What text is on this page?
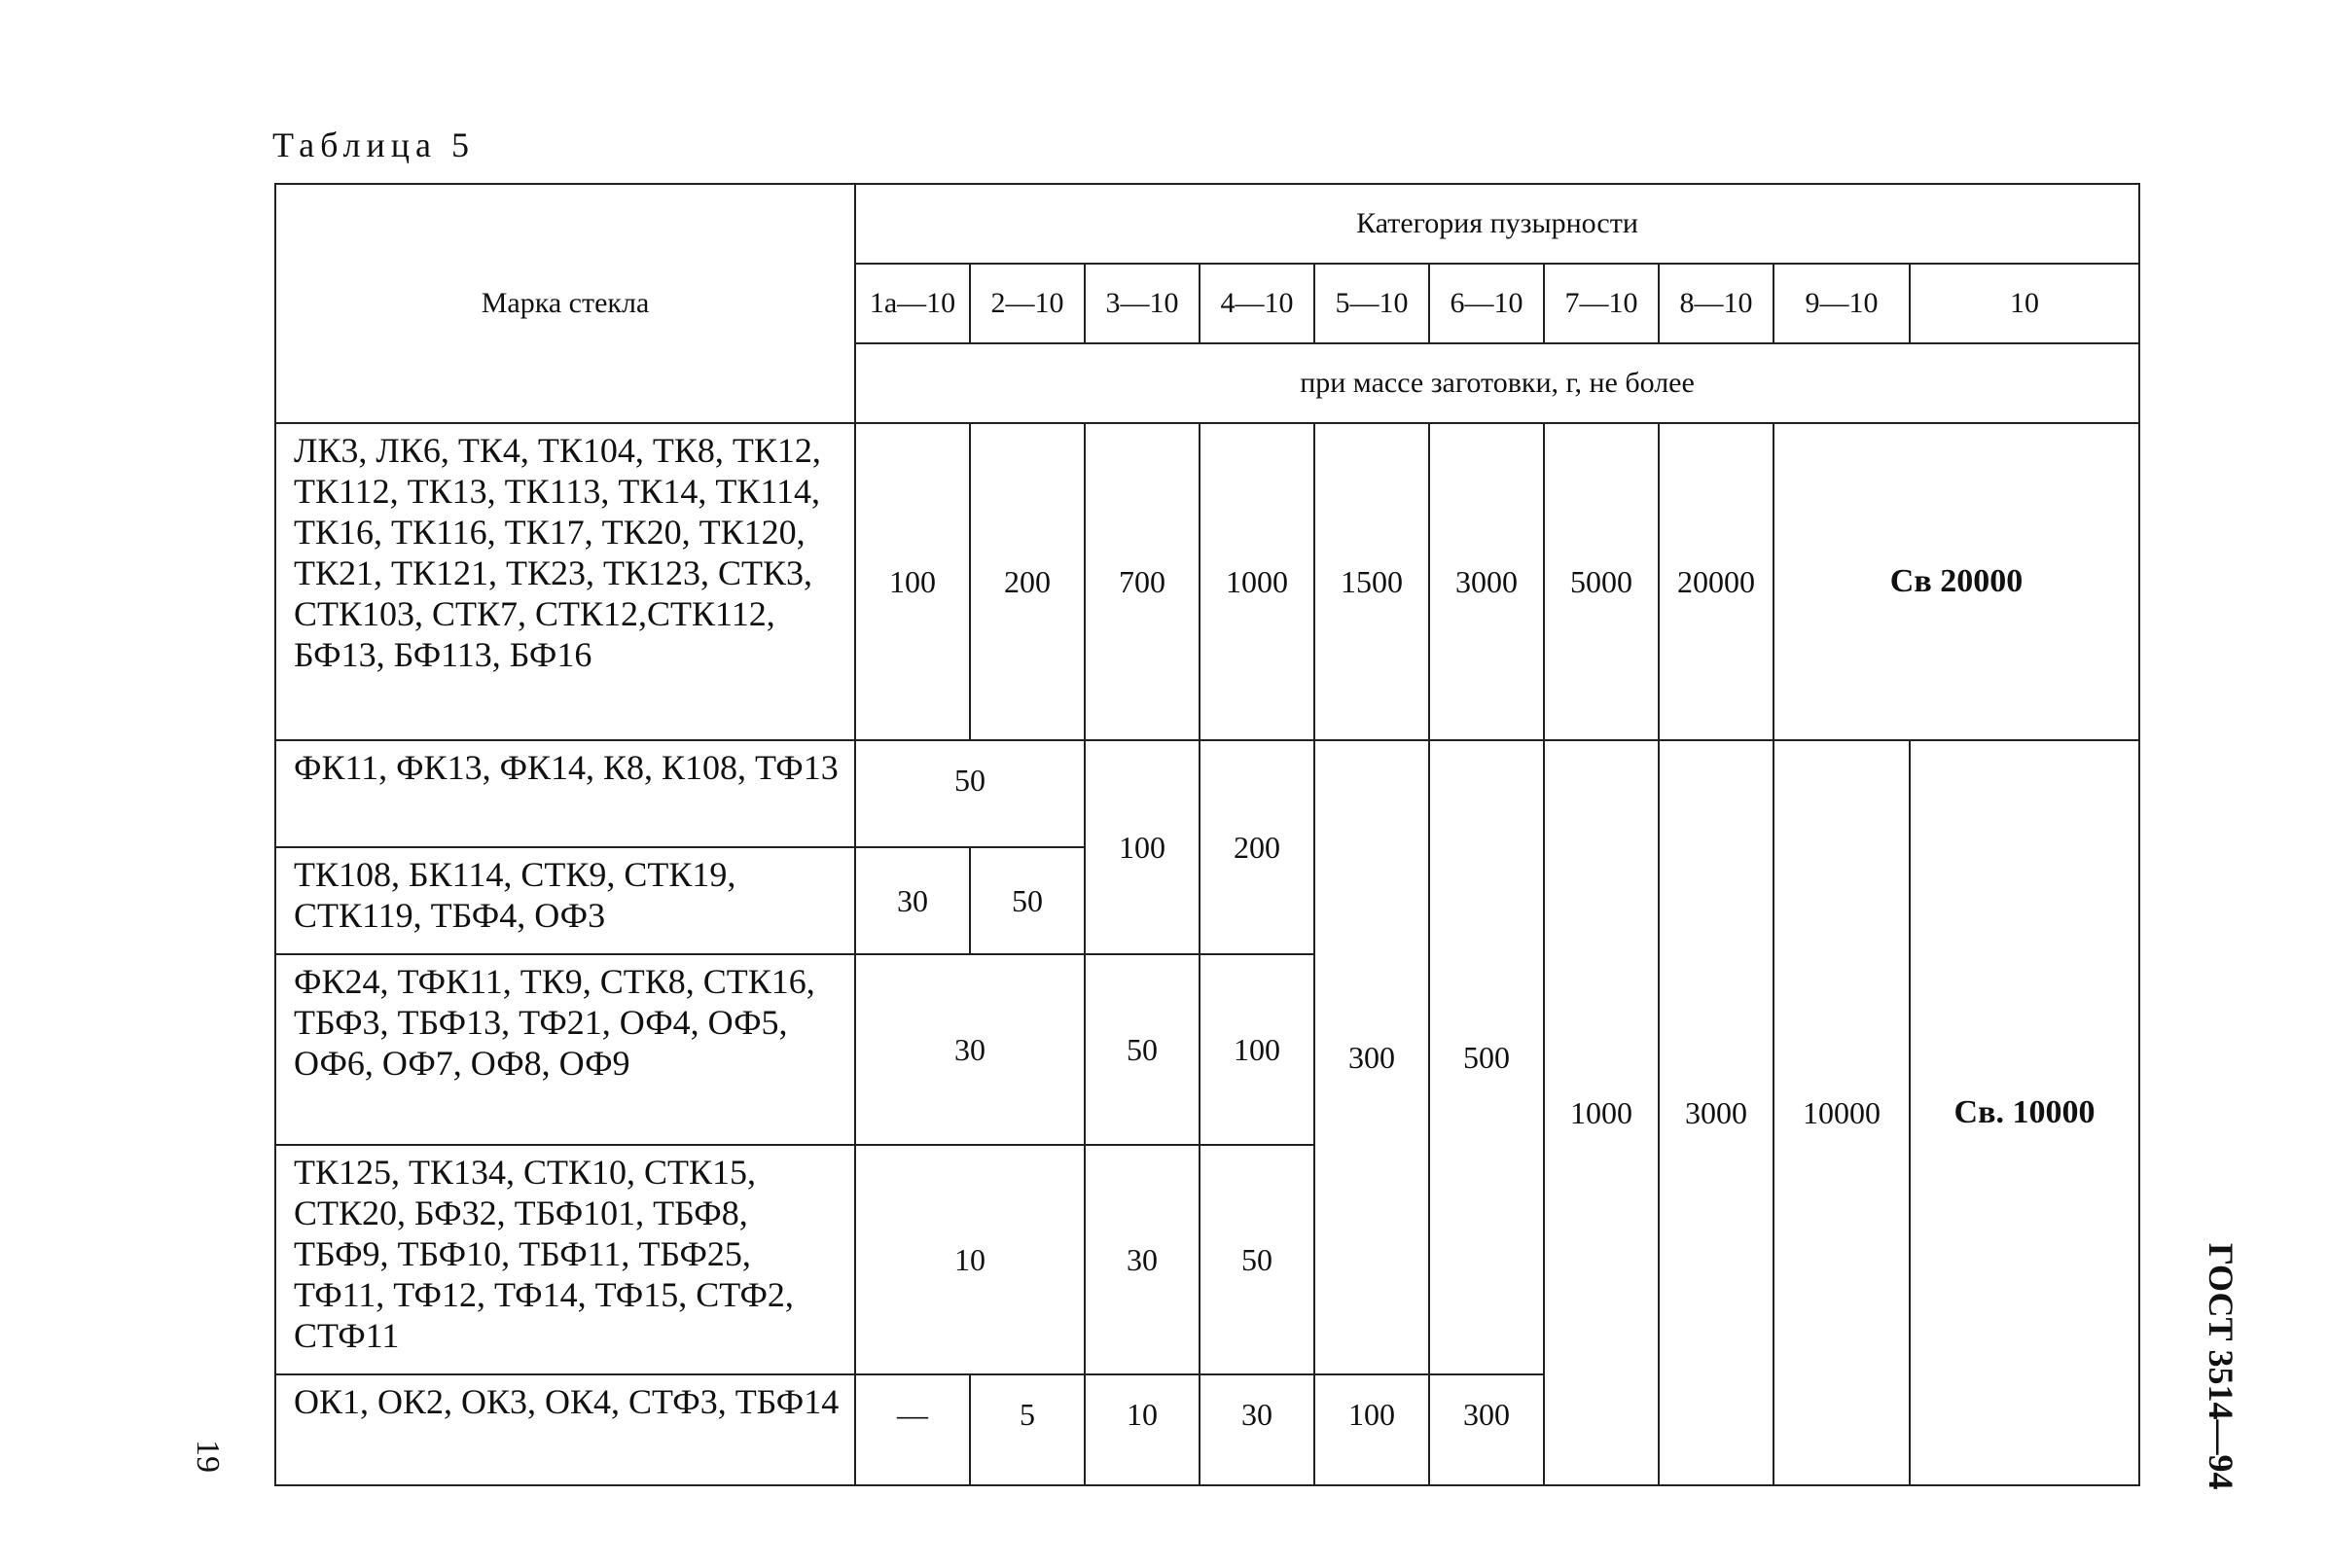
Таблица 5
Марка стекла	Категория пузырности									
	1а—10	2—10	3—10	4—10	5—10	6—10	7—10	8—10	9—10	10
	при массе заготовки, г, не более									
ЛК3, ЛК6, ТК4, ТК104, ТК8, ТК12, ТК112, ТК13, ТК113, ТК14, ТК114, ТК16, ТК116, ТК17, ТК20, ТК120, ТК21, ТК121, ТК23, ТК123, СТК3, СТК103, СТК7, СТК12,СТК112, БФ13, БФ113, БФ16	100	200	700	1000	1500	3000	5000	20000	Св 20000	
ФК11, ФК13, ФК14, К8, К108, ТФ13	50		100	200	300	500	1000	3000	10000	Св. 10000
ТК108, БК114, СТК9, СТК19, СТК119, ТБФ4, ОФ3	30	50								
ФК24, ТФК11, ТК9, СТК8, СТК16, ТБФ3, ТБФ13, ТФ21, ОФ4, ОФ5, ОФ6, ОФ7, ОФ8, ОФ9	30		50	100						
ТК125, ТК134, СТК10, СТК15, СТК20, БФ32, ТБФ101, ТБФ8, ТБФ9, ТБФ10, ТБФ11, ТБФ25, ТФ11, ТФ12, ТФ14, ТФ15, СТФ2, СТФ11	10		30	50						
ОК1, ОК2, ОК3, ОК4, СТФ3, ТБФ14	—	5	10	30	100	300				
19	ГОСТ 3514—94
